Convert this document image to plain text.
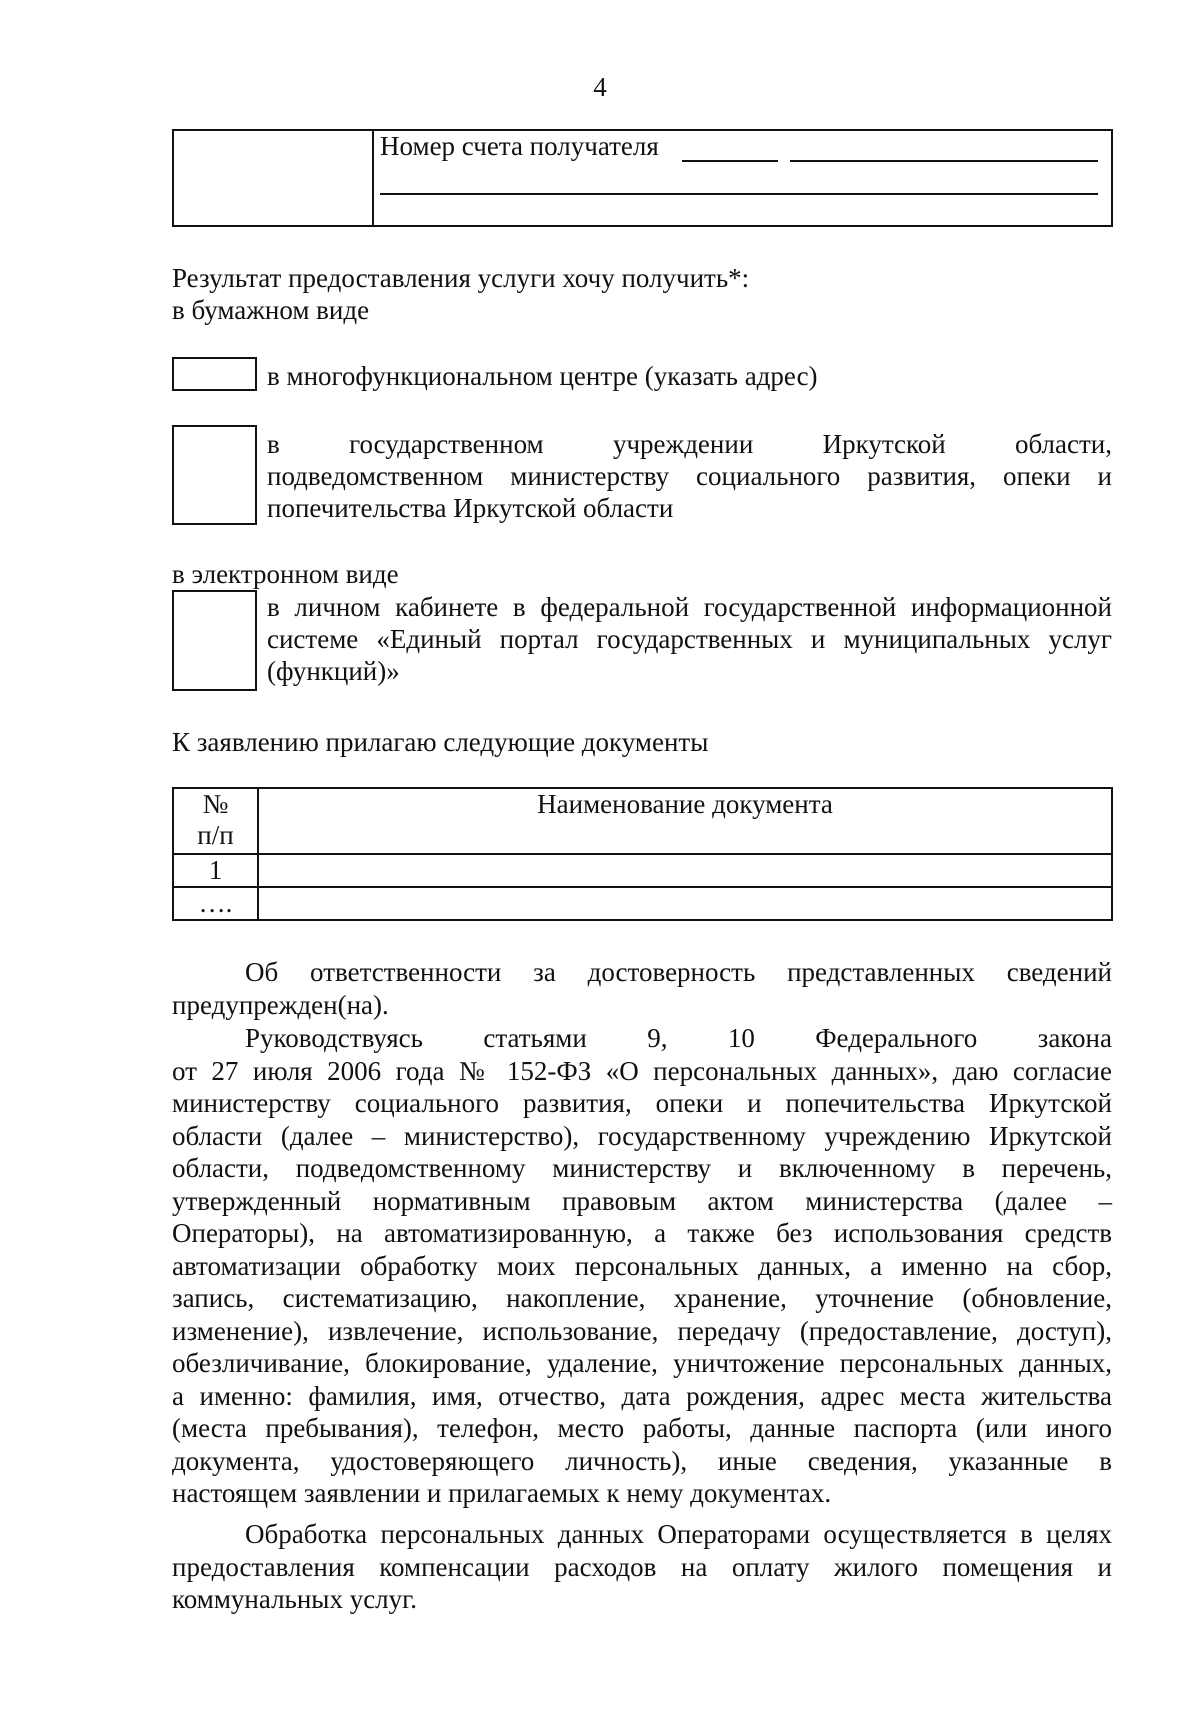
4
Номер счета получателя
Результат предоставления услуги хочу получить*:
в бумажном виде
в многофункциональном центре (указать адрес)
в государственном учреждении Иркутской области,
подведомственном министерству социального развития, опеки и
попечительства Иркутской области
в электронном виде
в личном кабинете в федеральной государственной информационной
системе «Единый портал государственных и муниципальных услуг
(функций)»
К заявлению прилагаю следующие документы
№
п/п	Наименование документа
1	
….	
Об ответственности за достоверность представленных сведений
предупрежден(на).
Руководствуясь статьями 9, 10 Федерального закона
от 27 июля 2006 года № 152-ФЗ «О персональных данных», даю согласие
министерству социального развития, опеки и попечительства Иркутской
области (далее – министерство), государственному учреждению Иркутской
области, подведомственному министерству и включенному в перечень,
утвержденный нормативным правовым актом министерства (далее –
Операторы), на автоматизированную, а также без использования средств
автоматизации обработку моих персональных данных, а именно на сбор,
запись, систематизацию, накопление, хранение, уточнение (обновление,
изменение), извлечение, использование, передачу (предоставление, доступ),
обезличивание, блокирование, удаление, уничтожение персональных данных,
а именно: фамилия, имя, отчество, дата рождения, адрес места жительства
(места пребывания), телефон, место работы, данные паспорта (или иного
документа, удостоверяющего личность), иные сведения, указанные в
настоящем заявлении и прилагаемых к нему документах.
Обработка персональных данных Операторами осуществляется в целях
предоставления компенсации расходов на оплату жилого помещения и
коммунальных услуг.
